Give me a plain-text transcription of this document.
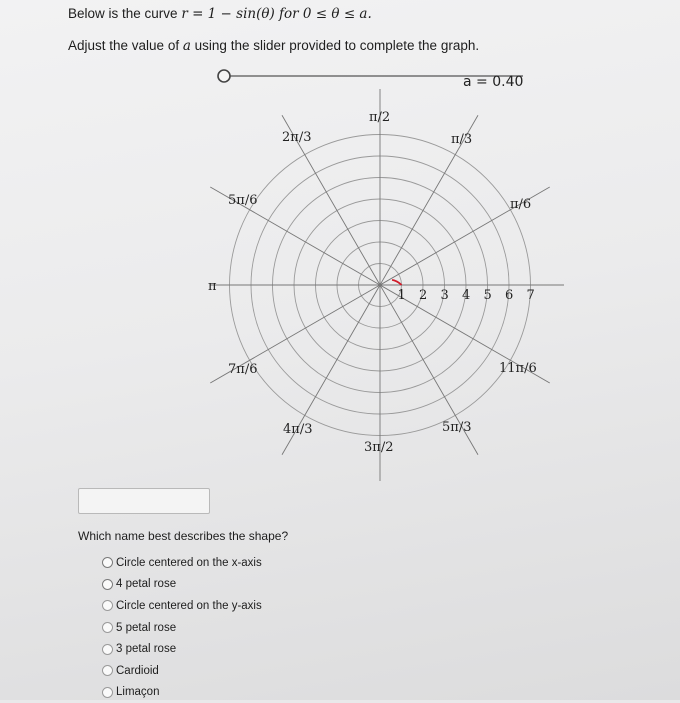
Below is the curve r = 1 − sin(θ) for 0 ≤ θ ≤ a.
Adjust the value of a using the slider provided to complete the graph.
1 2 3 4 5 6 7
π/2
π/3
π/6
2π/3
5π/6
π
7π/6
4π/3
3π/2
5π/3
11π/6
a = 0.40
Which name best describes the shape?
Circle centered on the x-axis
4 petal rose
Circle centered on the y-axis
5 petal rose
3 petal rose
Cardioid
Limaçon
